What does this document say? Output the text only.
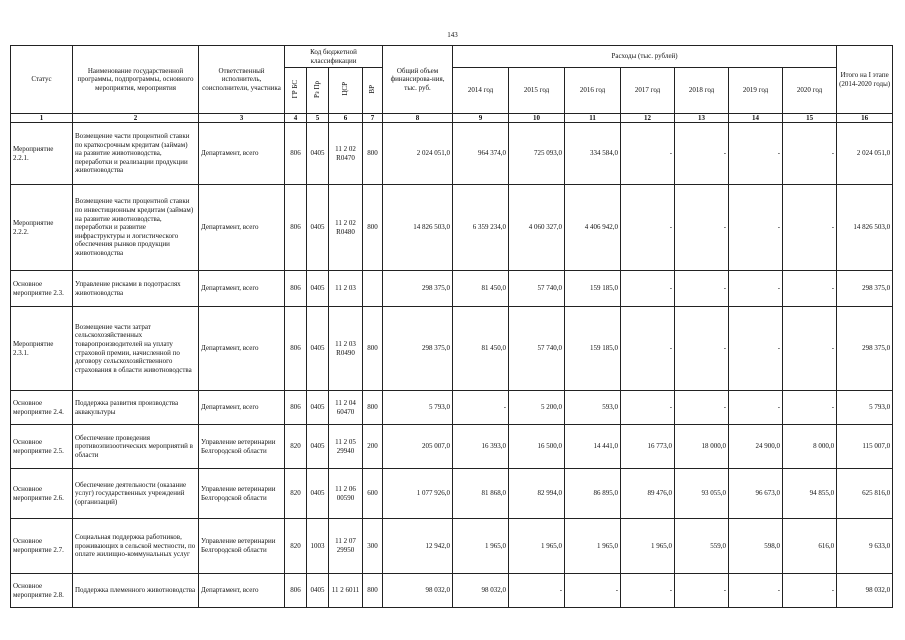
143
Статус	Наименование государственной программы, подпрограммы, основного мероприятия, мероприятия	Ответственный исполнитель, соисполнители, участника	Код бюджетной классификации				Общий объем финансирова-ния, тыс. руб.	Расходы (тыс. рублей)							Итого на I этапе (2014-2020 годы)
			ГР БС	Рз Пр	ЦСР	ВР		2014 год	2015 год	2016 год	2017 год	2018 год	2019 год	2020 год	
1	2	3	4	5	6	7	8	9	10	11	12	13	14	15	16
Мероприятие 2.2.1.	Возмещение части процентной ставки по краткосрочным кредитам (займам) на развитие животноводства, переработки и реализации продукции животноводства	Департамент, всего	806	0405	11 2 02 R0470	800	2 024 051,0	964 374,0	725 093,0	334 584,0	-	-	-	-	2 024 051,0
Мероприятие 2.2.2.	Возмещение части процентной ставки по инвестиционным кредитам (займам) на развитие животноводства, переработки и развитие инфраструктуры и логистического обеспечения рынков продукции животноводства	Департамент, всего	806	0405	11 2 02 R0480	800	14 826 503,0	6 359 234,0	4 060 327,0	4 406 942,0	-	-	-	-	14 826 503,0
Основное мероприятие 2.3.	Управление рисками в подотраслях животноводства	Департамент, всего	806	0405	11 2 03		298 375,0	81 450,0	57 740,0	159 185,0	-	-	-	-	298 375,0
Мероприятие 2.3.1.	Возмещение части затрат сельскохозяйственных товаропроизводителей на уплату страховой премии, начисленной по договору сельскохозяйственного страхования в области животноводства	Департамент, всего	806	0405	11 2 03 R0490	800	298 375,0	81 450,0	57 740,0	159 185,0	-	-	-	-	298 375,0
Основное мероприятие 2.4.	Поддержка развития производства аквакультуры	Департамент, всего	806	0405	11 2 04 60470	800	5 793,0	-	5 200,0	593,0	-	-	-	-	5 793,0
Основное мероприятие 2.5.	Обеспечение проведения противоэпизоотических мероприятий в области	Управление ветеринарии Белгородской области	820	0405	11 2 05 29940	200	205 007,0	16 393,0	16 500,0	14 441,0	16 773,0	18 000,0	24 900,0	8 000,0	115 007,0
Основное мероприятие 2.6.	Обеспечение деятельности (оказание услуг) государственных учреждений (организаций)	Управление ветеринарии Белгородской области	820	0405	11 2 06 00590	600	1 077 926,0	81 868,0	82 994,0	86 895,0	89 476,0	93 055,0	96 673,0	94 855,0	625 816,0
Основное мероприятие 2.7.	Социальная поддержка работников, проживающих в сельской местности, по оплате жилищно-коммунальных услуг	Управление ветеринарии Белгородской области	820	1003	11 2 07 29950	300	12 942,0	1 965,0	1 965,0	1 965,0	1 965,0	559,0	598,0	616,0	9 633,0
Основное мероприятие 2.8.	Поддержка племенного животноводства	Департамент, всего	806	0405	11 2 6011	800	98 032,0	98 032,0	-	-	-	-	-	-	98 032,0
